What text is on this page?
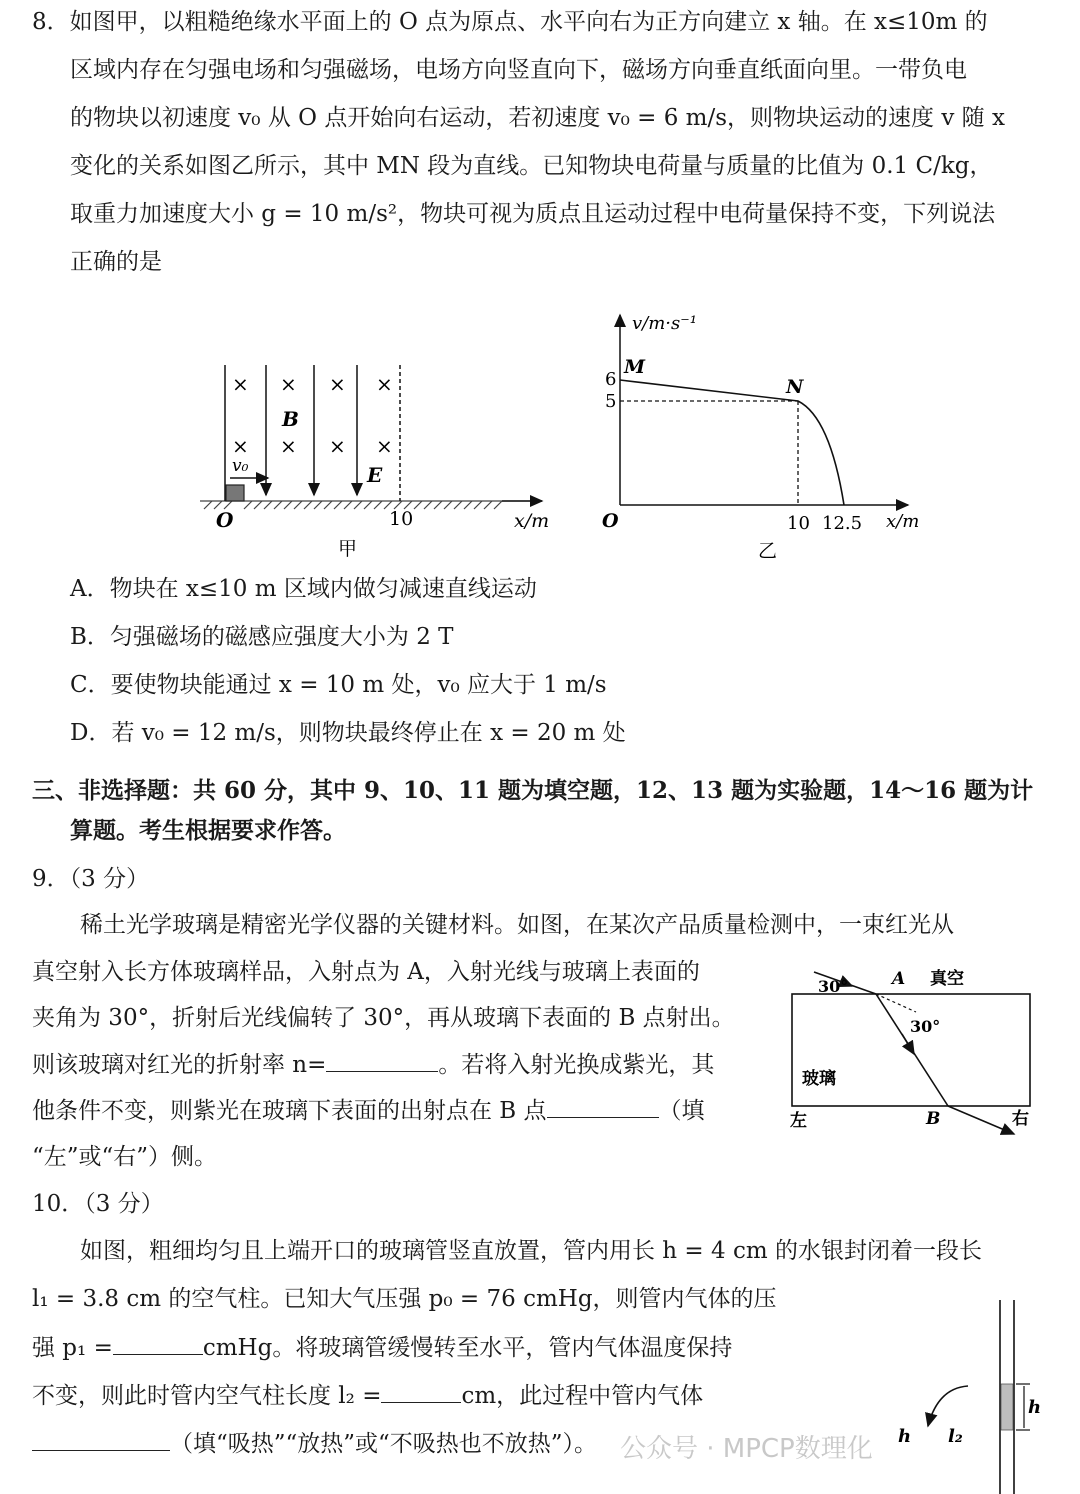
8．如图甲，以粗糙绝缘水平面上的 O 点为原点、水平向右为正方向建立 x 轴。在 x≤10m 的
区域内存在匀强电场和匀强磁场，电场方向竖直向下，磁场方向垂直纸面向里。一带负电
的物块以初速度 v₀ 从 O 点开始向右运动，若初速度 v₀ = 6 m/s，则物块运动的速度 v 随 x
变化的关系如图乙所示，其中 MN 段为直线。已知物块电荷量与质量的比值为 0.1 C/kg，
取重力加速度大小 g = 10 m/s²，物块可视为质点且运动过程中电荷量保持不变，下列说法
正确的是
× × × ×
× × × ×
B
E
v₀
O	10	x/m
甲
v/m·s⁻¹
M
N
6
5
O	10 12.5 x/m
乙
A．物块在 x≤10 m 区域内做匀减速直线运动
B．匀强磁场的磁感应强度大小为 2 T
C．要使物块能通过 x = 10 m 处，v₀ 应大于 1 m/s
D．若 v₀ = 12 m/s，则物块最终停止在 x = 20 m 处
三、非选择题：共 60 分，其中 9、10、11 题为填空题，12、13 题为实验题，14～16 题为计
算题。考生根据要求作答。
9．（3 分）
稀土光学玻璃是精密光学仪器的关键材料。如图，在某次产品质量检测中，一束红光从
真空射入长方体玻璃样品，入射点为 A，入射光线与玻璃上表面的
夹角为 30°，折射后光线偏转了 30°，再从玻璃下表面的 B 点射出。
则该玻璃对红光的折射率 n=	。若将入射光换成紫光，其
他条件不变，则紫光在玻璃下表面的出射点在 B 点	（填
“左”或“右”）侧。
30°	A 真空
30°
玻璃
左	B	右
10．（3 分）
如图，粗细均匀且上端开口的玻璃管竖直放置，管内用长 h = 4 cm 的水银封闭着一段长
l₁ = 3.8 cm 的空气柱。已知大气压强 p₀ = 76 cmHg，则管内气体的压
强 p₁ =	cmHg。将玻璃管缓慢转至水平，管内气体温度保持
不变，则此时管内空气柱长度 l₂ =	cm，此过程中管内气体
（填“吸热”“放热”或“不吸热也不放热”）。
h
h l₂
公众号 · MPCP数理化
